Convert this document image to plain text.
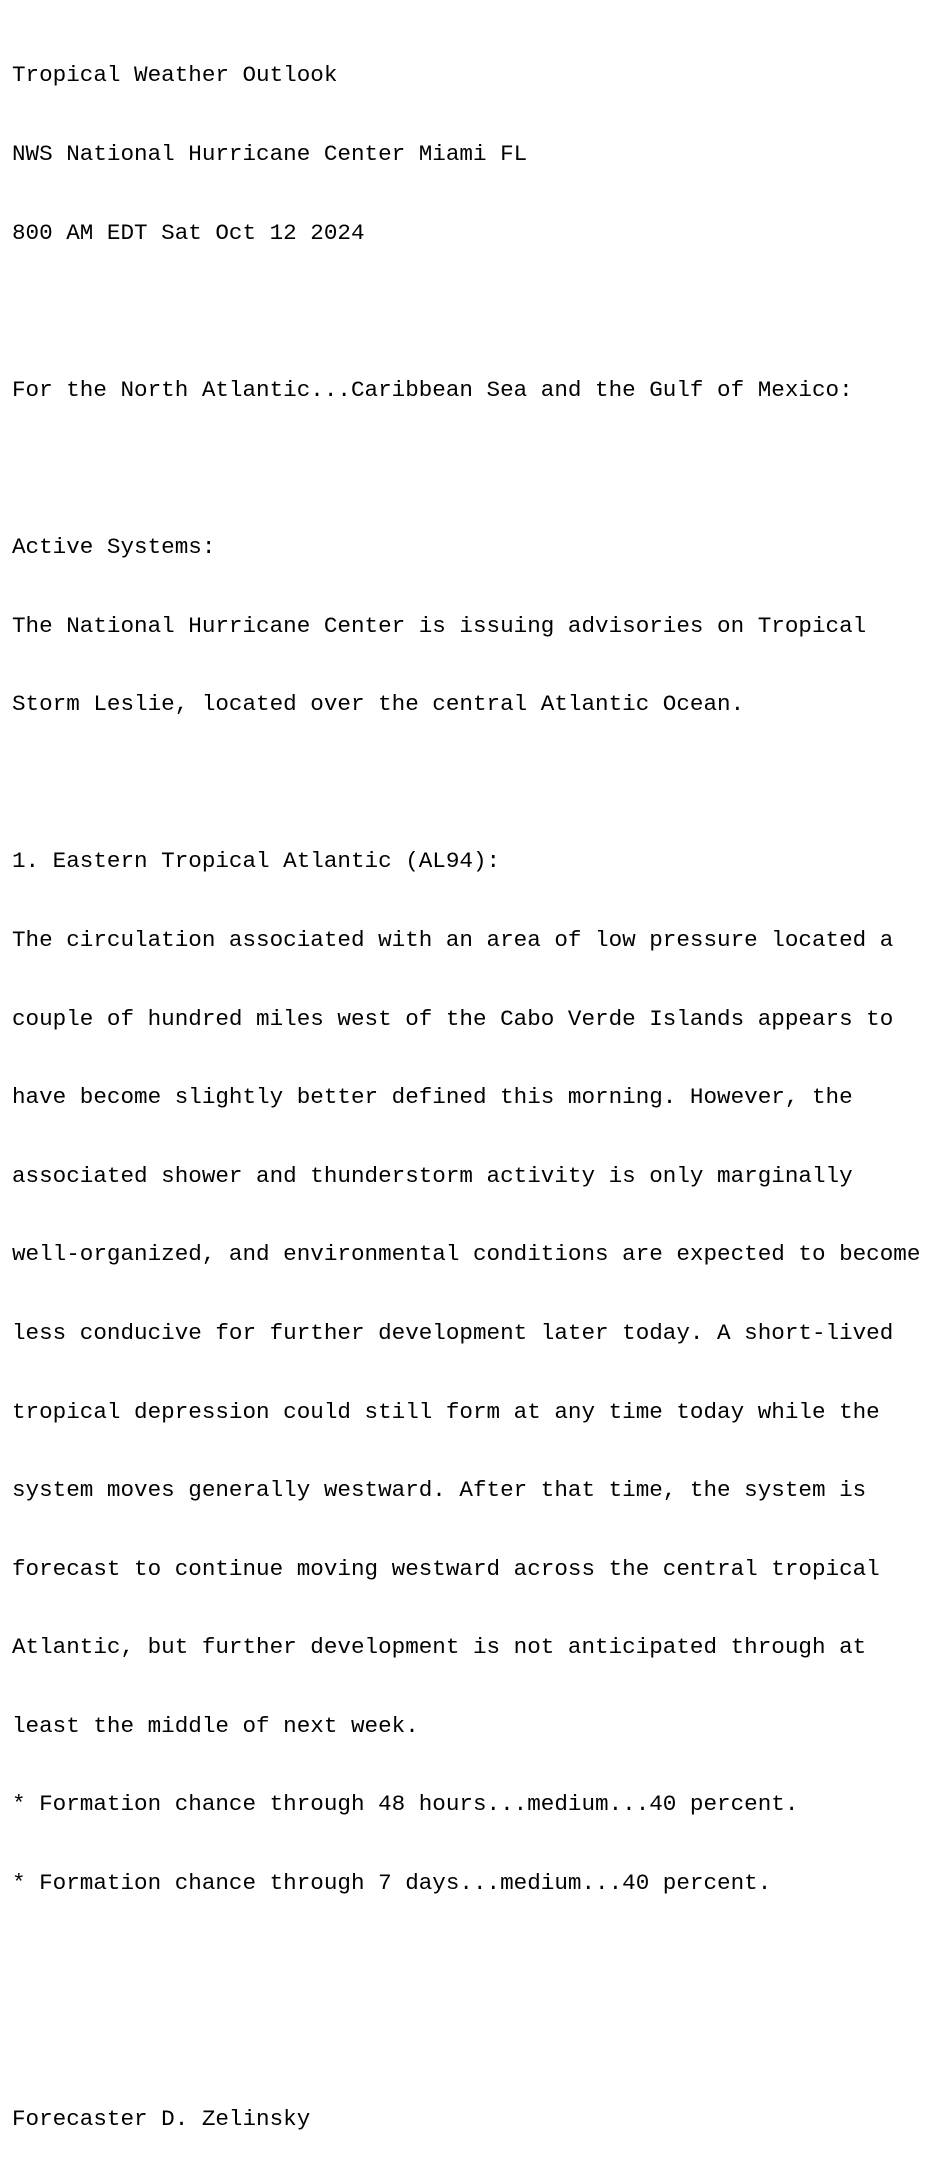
Tropical Weather Outlook

NWS National Hurricane Center Miami FL

800 AM EDT Sat Oct 12 2024

For the North Atlantic...Caribbean Sea and the Gulf of Mexico:

Active Systems:

The National Hurricane Center is issuing advisories on Tropical

Storm Leslie, located over the central Atlantic Ocean.

1. Eastern Tropical Atlantic (AL94):

The circulation associated with an area of low pressure located a

couple of hundred miles west of the Cabo Verde Islands appears to

have become slightly better defined this morning. However, the

associated shower and thunderstorm activity is only marginally

well-organized, and environmental conditions are expected to become

less conducive for further development later today. A short-lived

tropical depression could still form at any time today while the

system moves generally westward. After that time, the system is

forecast to continue moving westward across the central tropical

Atlantic, but further development is not anticipated through at

least the middle of next week.

* Formation chance through 48 hours...medium...40 percent.

* Formation chance through 7 days...medium...40 percent.

Forecaster D. Zelinsky
